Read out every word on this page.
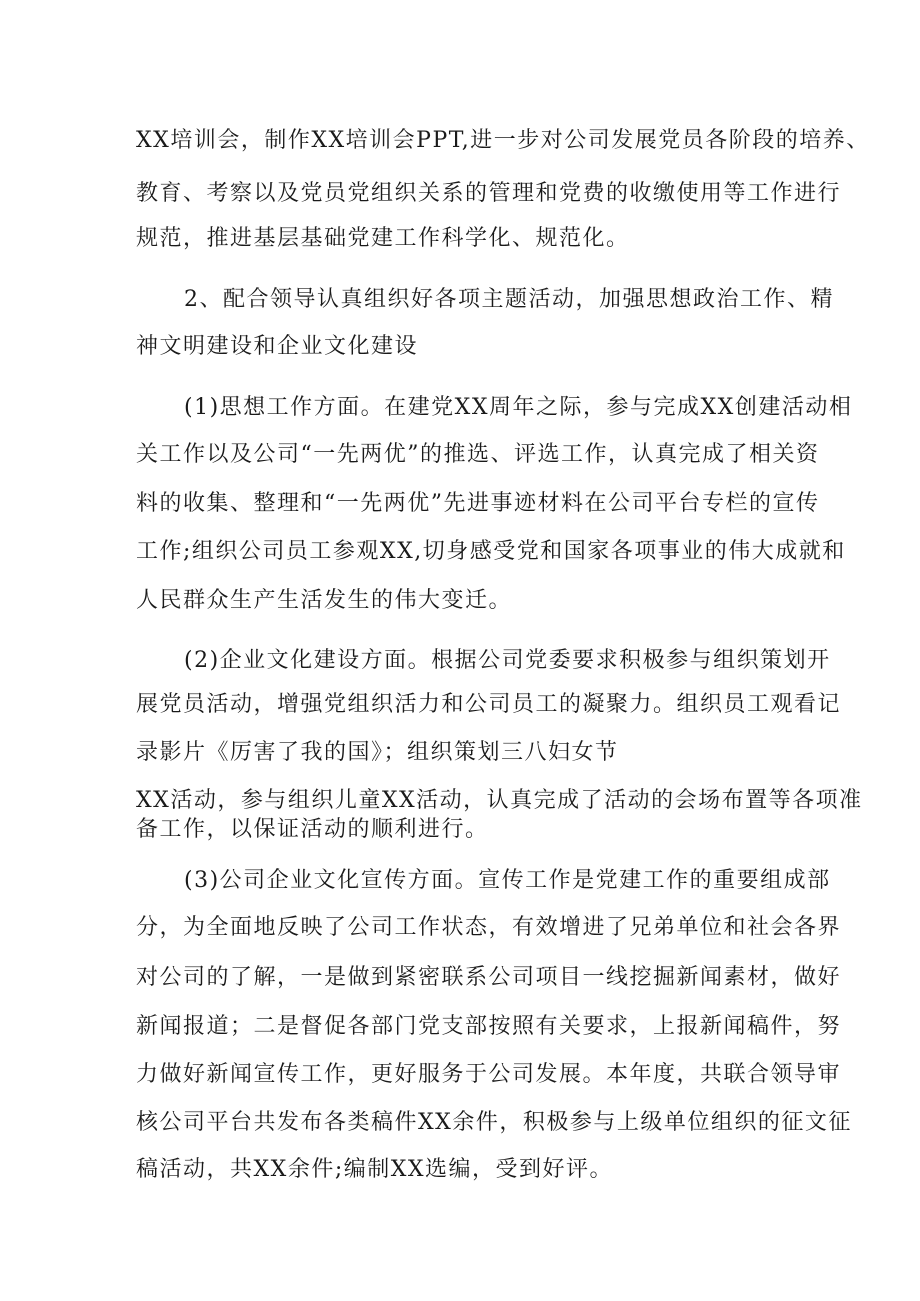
XX培训会，制作XX培训会PPT,进一步对公司发展党员各阶段的培养、
教育、考察以及党员党组织关系的管理和党费的收缴使用等工作进行
规范，推进基层基础党建工作科学化、规范化。
2、配合领导认真组织好各项主题活动，加强思想政治工作、精
神文明建设和企业文化建设
(1)思想工作方面。在建党XX周年之际，参与完成XX创建活动相
关工作以及公司“一先两优”的推选、评选工作，认真完成了相关资
料的收集、整理和“一先两优”先进事迹材料在公司平台专栏的宣传
工作;组织公司员工参观XX,切身感受党和国家各项事业的伟大成就和
人民群众生产生活发生的伟大变迁。
(2)企业文化建设方面。根据公司党委要求积极参与组织策划开
展党员活动，增强党组织活力和公司员工的凝聚力。组织员工观看记
录影片《厉害了我的国》；组织策划三八妇女节
XX活动，参与组织儿童XX活动，认真完成了活动的会场布置等各项准
备工作，以保证活动的顺利进行。
(3)公司企业文化宣传方面。宣传工作是党建工作的重要组成部
分，为全面地反映了公司工作状态，有效增进了兄弟单位和社会各界
对公司的了解，一是做到紧密联系公司项目一线挖掘新闻素材，做好
新闻报道；二是督促各部门党支部按照有关要求，上报新闻稿件，努
力做好新闻宣传工作，更好服务于公司发展。本年度，共联合领导审
核公司平台共发布各类稿件XX余件，积极参与上级单位组织的征文征
稿活动，共XX余件;编制XX选编，受到好评。
